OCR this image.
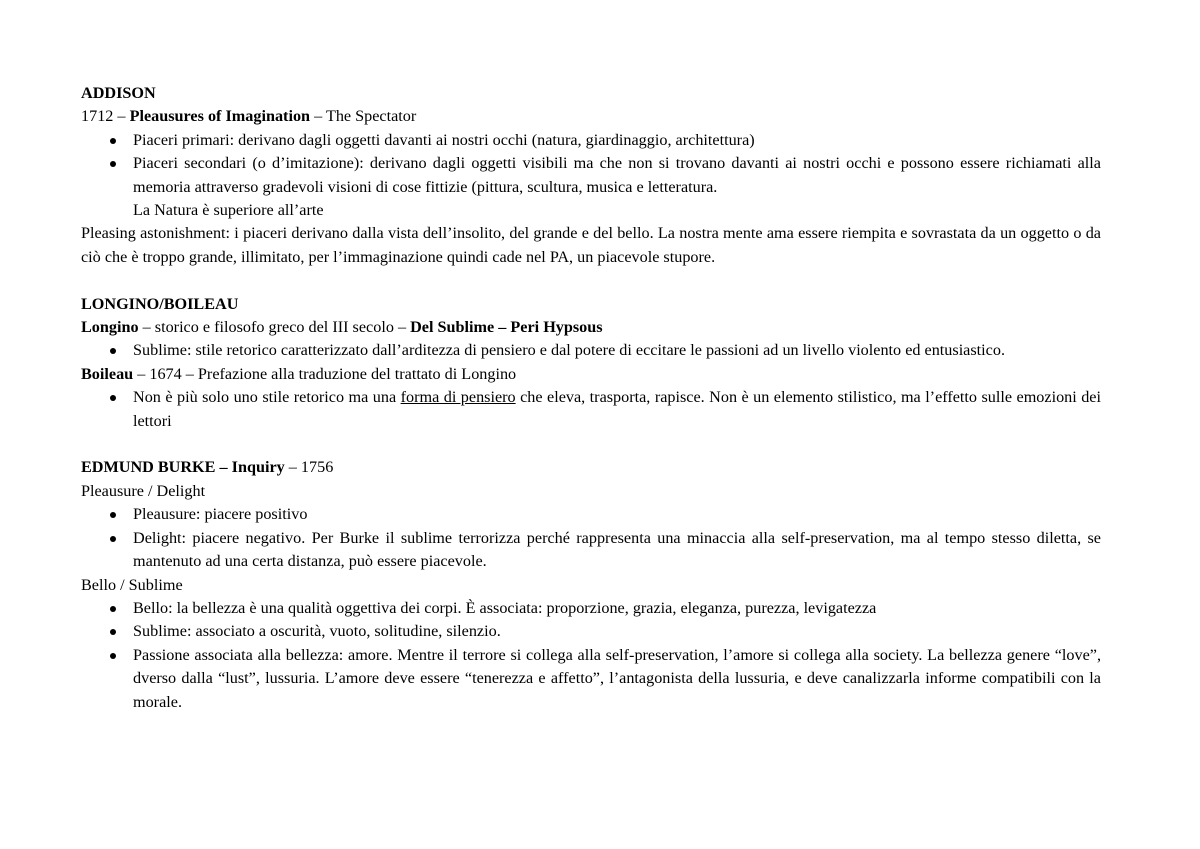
ADDISON
1712 – Pleausures of Imagination – The Spectator
Piaceri primari: derivano dagli oggetti davanti ai nostri occhi (natura, giardinaggio, architettura)
Piaceri secondari (o d’imitazione): derivano dagli oggetti visibili ma che non si trovano davanti ai nostri occhi e possono essere richiamati alla memoria attraverso gradevoli visioni di cose fittizie (pittura, scultura, musica e letteratura.
La Natura è superiore all’arte
Pleasing astonishment: i piaceri derivano dalla vista dell’insolito, del grande e del bello. La nostra mente ama essere riempita e sovrastata da un oggetto o da ciò che è troppo grande, illimitato, per l’immaginazione quindi cade nel PA, un piacevole stupore.
LONGINO/BOILEAU
Longino – storico e filosofo greco del III secolo – Del Sublime – Peri Hypsous
Sublime: stile retorico caratterizzato dall’arditezza di pensiero e dal potere di eccitare le passioni ad un livello violento ed entusiastico.
Boileau – 1674 – Prefazione alla traduzione del trattato di Longino
Non è più solo uno stile retorico ma una forma di pensiero che eleva, trasporta, rapisce. Non è un elemento stilistico, ma l’effetto sulle emozioni dei lettori
EDMUND BURKE – Inquiry – 1756
Pleausure / Delight
Pleausure: piacere positivo
Delight: piacere negativo. Per Burke il sublime terrorizza perché rappresenta una minaccia alla self-preservation, ma al tempo stesso diletta, se mantenuto ad una certa distanza, può essere piacevole.
Bello / Sublime
Bello: la bellezza è una qualità oggettiva dei corpi. È associata: proporzione, grazia, eleganza, purezza, levigatezza
Sublime: associato a oscurità, vuoto, solitudine, silenzio.
Passione associata alla bellezza: amore. Mentre il terrore si collega alla self-preservation, l’amore si collega alla society. La bellezza genere “love”, dverso dalla “lust”, lussuria. L’amore deve essere “tenerezza e affetto”, l’antagonista della lussuria, e deve canalizzarla informe compatibili con la morale.
